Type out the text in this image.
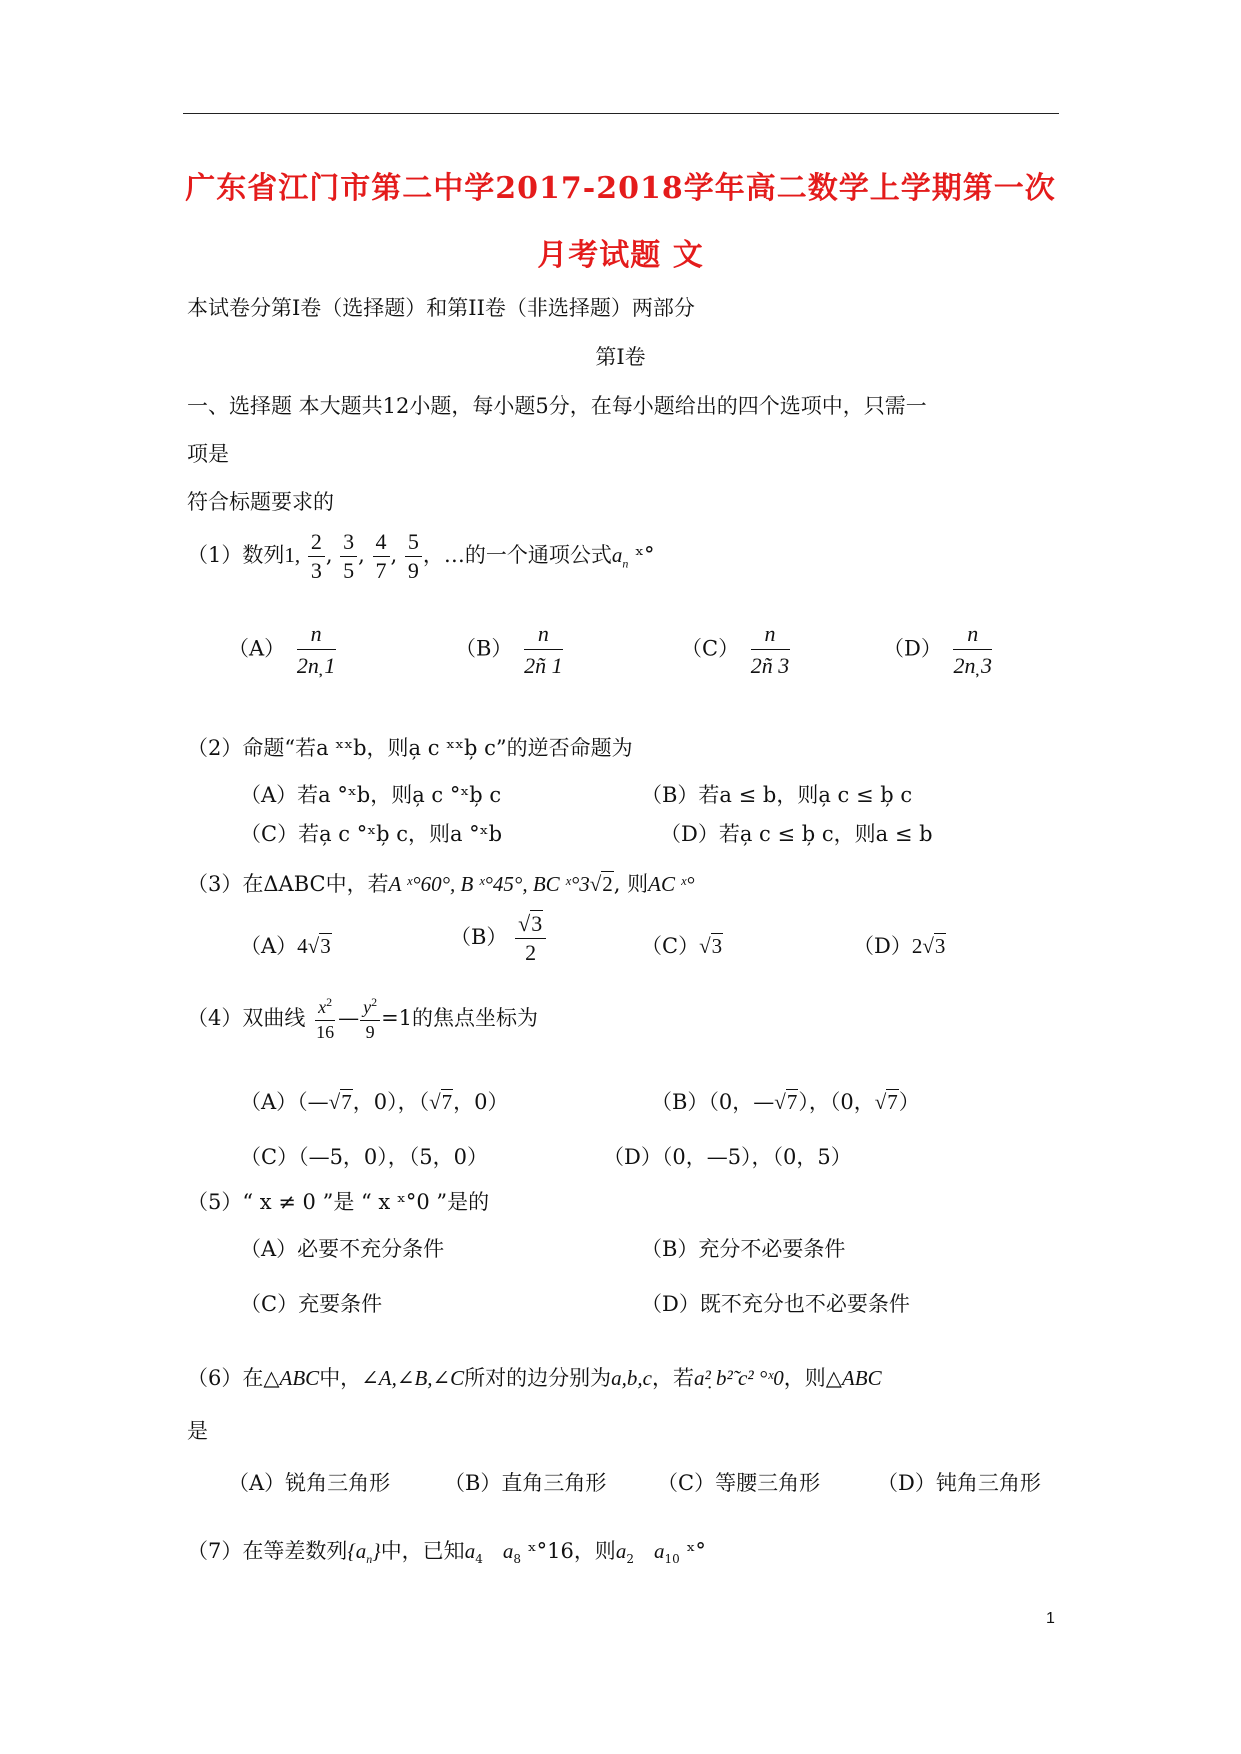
广东省江门市第二中学2017-2018学年高二数学上学期第一次
月考试题 文
本试卷分第I卷（选择题）和第II卷（非选择题）两部分
第I卷
一、选择题 本大题共12小题，每小题5分，在每小题给出的四个选项中，只需一
项是
符合标题要求的
（1）数列1, $\frac{2}{3}$ , $\frac{3}{5}$ , $\frac{4}{7}$ , $\frac{5}{9}$ ，…的一个通项公式$a_n$ ˣ°
$(A) \frac{n}{2n̦ 1}$	$(B) \frac{n}{2ñ 1}$	$(C) \frac{n}{2ñ 3}$	$(D) \frac{n}{2n̦ 3}$
（2）命题“若a ˣˣb，则a̦ c ˣˣb̦ c”的逆否命题为
（A）若a °ˣb，则a̦ c °ˣb̦ c	（B）若a ≤ b，则a̦ c ≤ b̦ c
（C）若a̦ c °ˣb̦ c，则a °ˣb	（D）若a̦ c ≤ b̦ c，则a ≤ b
（3）在ΔABC中，若A ˣ°60°, B ˣ°45°, BC ˣ°3√2, 则AC ˣ°
（A）4√3	$(B) \frac{√3}{2}$	（C）√3	（D）2√3
（4）双曲线 $\frac{x^2}{16}$ — $\frac{y^2}{9} =1$的焦点坐标为
（A）（—√7，0），（√7，0）	（B）（0，—√7），（0，√7）
（C）（—5，0），（5，0）	（D）（0，—5），（0，5）
（5）“ x ≠ 0 ”是 “ x ˣ°0 ”是的
（A）必要不充分条件	（B）充分不必要条件
（C）充要条件	（D）既不充分也不必要条件
（6）在△ABC中，∠A,∠B,∠C所对的边分别为a,b,c，若a²̣ b²̃ c² °ˣ0，则△ABC
是
（A）锐角三角形	（B）直角三角形 （C）等腰三角形	（D）钝角三角形
（7）在等差数列$\{a_n\}$中，已知$a_4$ $a_8$ ˣ°16，则$a_2$ $a_{10}$ ˣ°
1
